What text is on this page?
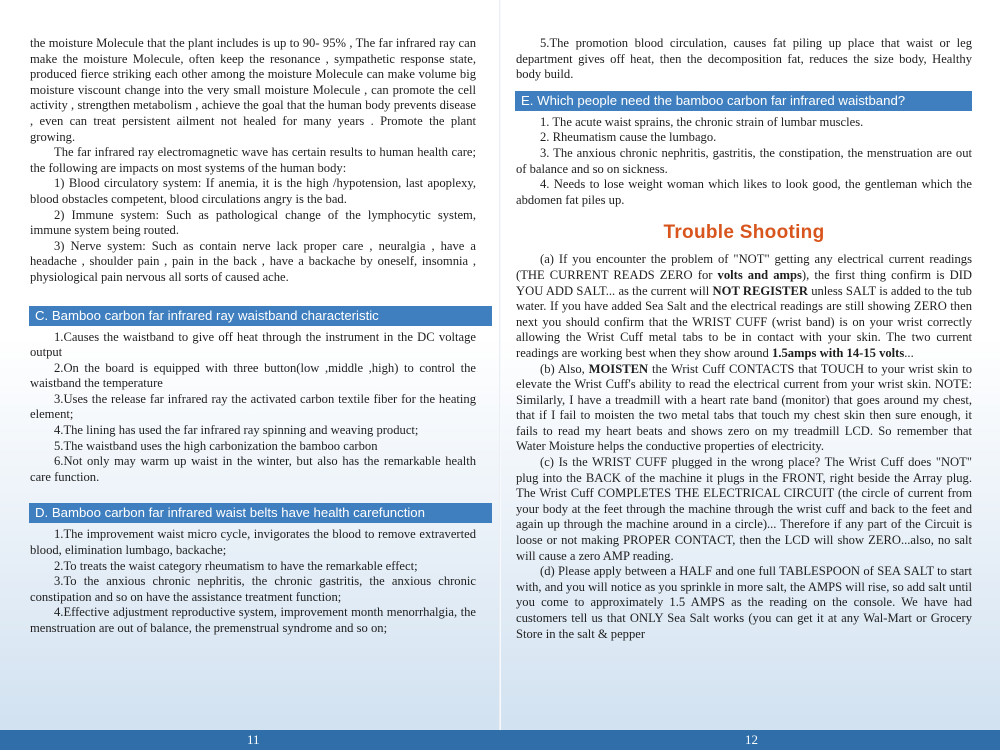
the moisture Molecule that the plant includes is up to 90- 95% , The far infrared ray can make the moisture Molecule, often keep the resonance , sympathetic response state, produced fierce striking each other among the moisture Molecule can make volume big moisture viscount change into the very small moisture Molecule , can promote the cell activity , strengthen metabolism , achieve the goal that the human body prevents disease , even can treat persistent ailment not healed for many years . Promote the plant growing.

The far infrared ray electromagnetic wave has certain results to human health care; the following are impacts on most systems of the human body:

1) Blood circulatory system: If anemia, it is the high /hypotension, last apoplexy, blood obstacles competent, blood circulations angry is the bad.

2) Immune system: Such as pathological change of the lymphocytic system, immune system being routed.

3) Nerve system: Such as contain nerve lack proper care , neuralgia , have a headache , shoulder pain , pain in the back , have a backache by oneself, insomnia , physiological pain nervous all sorts of caused ache.

C. Bamboo carbon far infrared ray waistband characteristic

1.Causes the waistband to give off heat through the instrument in the DC voltage output

2.On the board is equipped with three button(low ,middle ,high) to control the waistband the temperature

3.Uses the release far infrared ray the activated carbon textile fiber for the heating element;

4.The lining has used the far infrared ray spinning and weaving product;

5.The waistband uses the high carbonization the bamboo carbon

6.Not only may warm up waist in the winter, but also has the remarkable health care function.

D. Bamboo carbon far infrared waist belts have health carefunction

1.The improvement waist micro cycle, invigorates the blood to remove extraverted blood, elimination lumbago, backache;

2.To treats the waist category rheumatism to have the remarkable effect;

3.To the anxious chronic nephritis, the chronic gastritis, the anxious chronic constipation and so on have the assistance treatment function;

4.Effective adjustment reproductive system, improvement month menorrhalgia, the menstruation are out of balance, the premenstrual syndrome and so on;

5.The promotion blood circulation, causes fat piling up place that waist or leg department gives off heat, then the decomposition fat, reduces the size body, Healthy body build.

E. Which people need the bamboo carbon far infrared waistband?

1. The acute waist sprains, the chronic strain of lumbar muscles.

2. Rheumatism cause the lumbago.

3. The anxious chronic nephritis, gastritis, the constipation, the menstruation are out of balance and so on sickness.

4. Needs to lose weight woman which likes to look good, the gentleman which the abdomen fat piles up.

Trouble Shooting

(a) If you encounter the problem of "NOT" getting any electrical current readings (THE CURRENT READS ZERO for volts and amps), the first thing confirm is DID YOU ADD SALT... as the current will NOT REGISTER unless SALT is added to the tub water. If you have added Sea Salt and the electrical readings are still showing ZERO then next you should confirm that the WRIST CUFF (wrist band) is on your wrist correctly allowing the Wrist Cuff metal tabs to be in contact with your skin. The two current readings are working best when they show around 1.5amps with 14-15 volts...

(b) Also, MOISTEN the Wrist Cuff CONTACTS that TOUCH to your wrist skin to elevate the Wrist Cuff's ability to read the electrical current from your wrist skin. NOTE: Similarly, I have a treadmill with a heart rate band (monitor) that goes around my chest, that if I fail to moisten the two metal tabs that touch my chest skin then sure enough, it fails to read my heart beats and shows zero on my treadmill LCD. So remember that Water Moisture helps the conductive properties of electricity.

(c) Is the WRIST CUFF plugged in the wrong place? The Wrist Cuff does "NOT" plug into the BACK of the machine it plugs in the FRONT, right beside the Array plug. The Wrist Cuff COMPLETES THE ELECTRICAL CIRCUIT (the circle of current from your body at the feet through the machine through the wrist cuff and back to the feet and again up through the machine around in a circle)... Therefore if any part of the Circuit is loose or not making PROPER CONTACT, then the LCD will show ZERO...also, no salt will cause a zero AMP reading.

(d) Please apply between a HALF and one full TABLESPOON of SEA SALT to start with, and you will notice as you sprinkle in more salt, the AMPS will rise, so add salt until you come to approximately 1.5 AMPS as the reading on the console. We have had customers tell us that ONLY Sea Salt works (you can get it at any Wal-Mart or Grocery Store in the salt & pepper

11	12
